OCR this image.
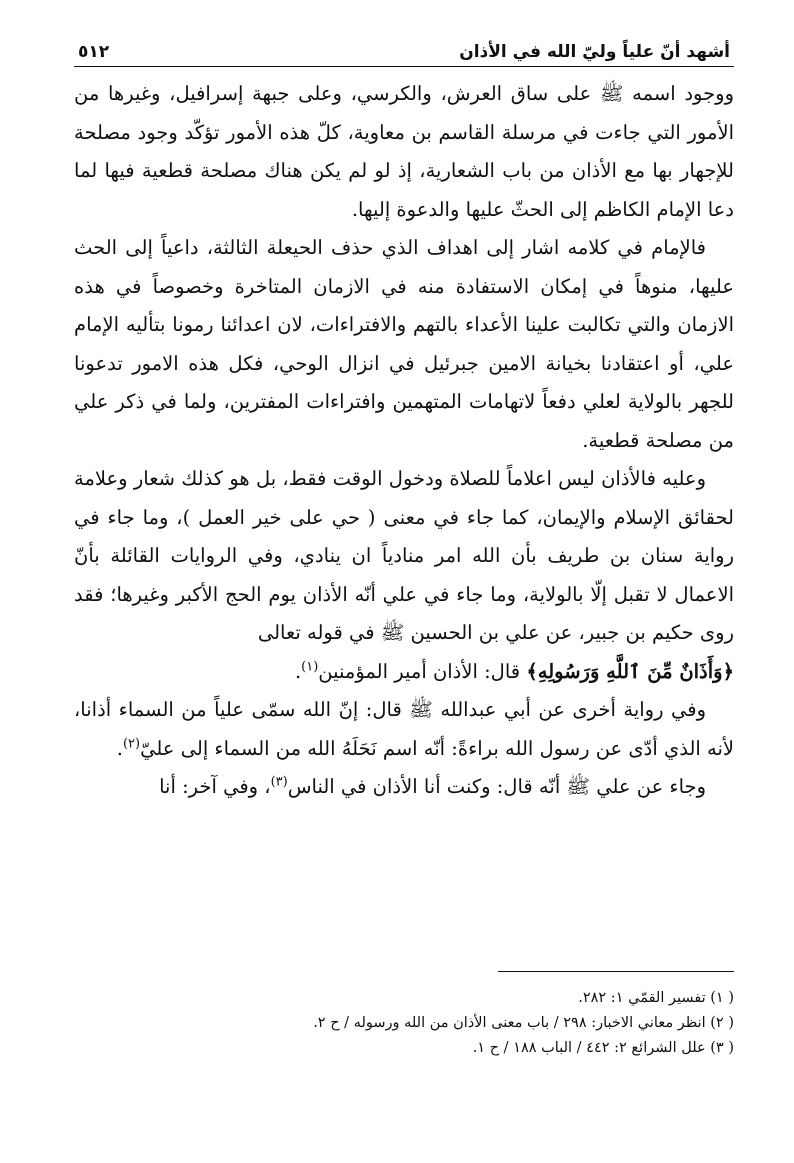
أشهد أنّ علياً وليّ الله في الأذان
٥١٢

ووجود اسمه ﷺ على ساق العرش، والكرسي، وعلى جبهة إسرافيل، وغيرها من الأمور التي جاءت في مرسلة القاسم بن معاوية، كلّ هذه الأمور تؤكّد وجود مصلحة للإجهار بها مع الأذان من باب الشعارية، إذ لو لم يكن هناك مصلحة قطعية فيها لما دعا الإمام الكاظم إلى الحثّ عليها والدعوة إليها.

فالإمام في كلامه اشار إلى اهداف الذي حذف الحيعلة الثالثة، داعياً إلى الحث عليها، منوهاً في إمكان الاستفادة منه في الازمان المتاخرة وخصوصاً في هذه الازمان والتي تكالبت علينا الأعداء بالتهم والافتراءات، لان اعدائنا رمونا بتأليه الإمام علي، أو اعتقادنا بخيانة الامين جبرئيل في انزال الوحي، فكل هذه الامور تدعونا للجهر بالولاية لعلي دفعاً لاتهامات المتهمين وافتراءات المفترين، ولما في ذكر علي من مصلحة قطعية.

وعليه فالأذان ليس اعلاماً للصلاة ودخول الوقت فقط، بل هو كذلك شعار وعلامة لحقائق الإسلام والإيمان، كما جاء في معنى ( حي على خير العمل )، وما جاء في رواية سنان بن طريف بأن الله امر منادياً ان ينادي، وفي الروايات القائلة بأنّ الاعمال لا تقبل إلّا بالولاية، وما جاء في علي أنّه الأذان يوم الحج الأكبر وغيرها؛ فقد روى حكيم بن جبير، عن علي بن الحسين ﷺ في قوله تعالى
﴿وَأَذَانٌ مِّنَ ٱللَّهِ وَرَسُولِهِ﴾ قال: الأذان أمير المؤمنين$^{(١)}$.

وفي رواية أخرى عن أبي عبدالله ﷺ قال: إنّ الله سمّى علياً من السماء أذانا، لأنه الذي أدّى عن رسول الله براءةً: أنّه اسم نَحَلَهُ الله من السماء إلى عليّ$^{(٢)}$.

وجاء عن علي ﷺ أنّه قال: وكنت أنا الأذان في الناس$^{(٣)}$، وفي آخر: أنا

( ١) تفسير القمّي ١: ٢٨٢.
( ٢) انظر معاني الاخبار: ٢٩٨ / باب معنى الأذان من الله ورسوله / ح ٢.
( ٣) علل الشرائع ٢: ٤٤٢ / الباب ١٨٨ / ح ١.
